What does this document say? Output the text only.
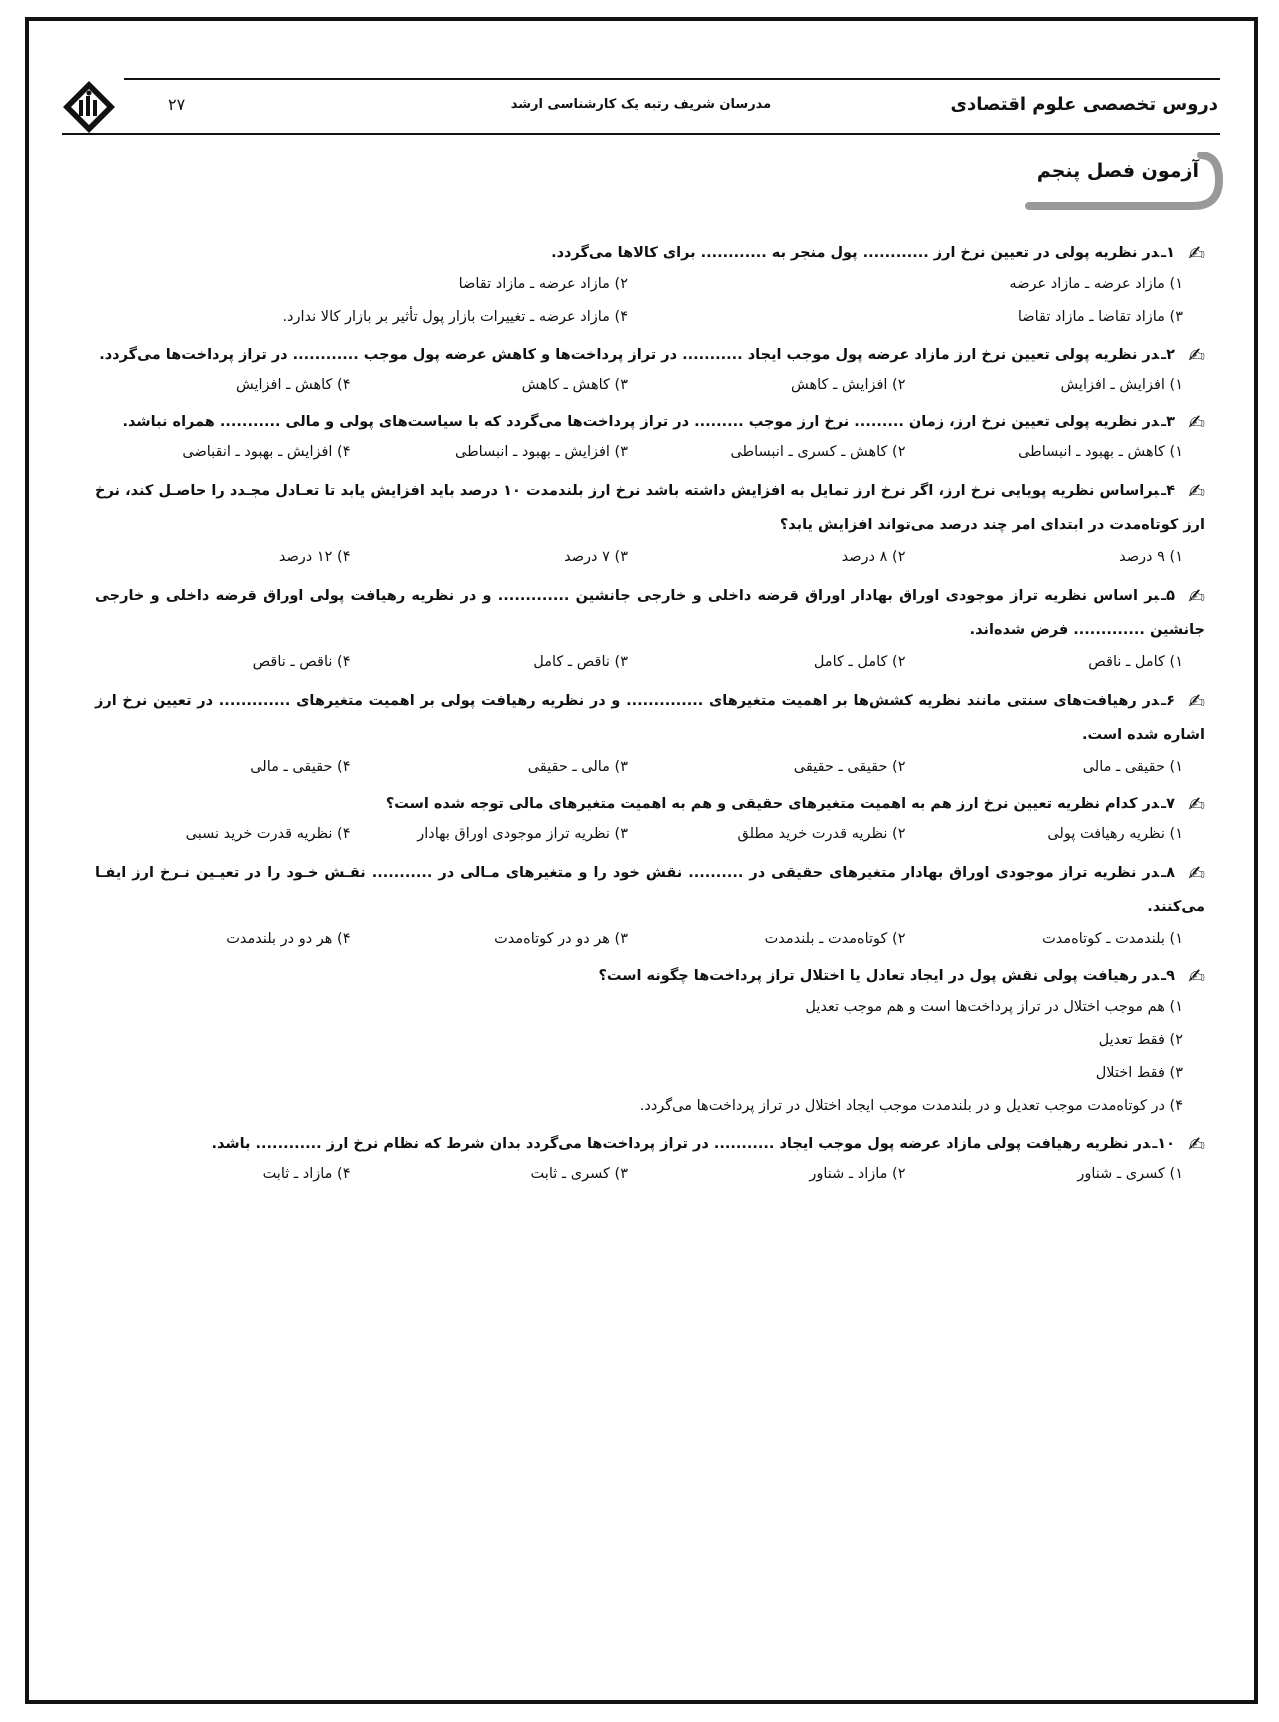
دروس تخصصی علوم اقتصادی
مدرسان شریف رتبه یک کارشناسی ارشد
۲۷
آزمون فصل پنجم
✍۱ـدر نظریه پولی در تعیین نرخ ارز ............ پول منجر به ............ برای کالاها می‌گردد.
۱) مازاد عرضه ـ مازاد عرضه
۲) مازاد عرضه ـ مازاد تقاضا
۳) مازاد تقاضا ـ مازاد تقاضا
۴) مازاد عرضه ـ تغییرات بازار پول تأثیر بر بازار کالا ندارد.
✍۲ـدر نظریه پولی تعیین نرخ ارز مازاد عرضه پول موجب ایجاد ........... در تراز پرداخت‌ها و کاهش عرضه پول موجب ............ در تراز پرداخت‌ها می‌گردد.
۱) افزایش ـ افزایش
۲) افزایش ـ کاهش
۳) کاهش ـ کاهش
۴) کاهش ـ افزایش
✍۳ـدر نظریه پولی تعیین نرخ ارز، زمان ......... نرخ ارز موجب ......... در تراز پرداخت‌ها می‌گردد که با سیاست‌های پولی و مالی ........... همراه نباشد.
۱) کاهش ـ بهبود ـ انبساطی
۲) کاهش ـ کسری ـ انبساطی
۳) افزایش ـ بهبود ـ انبساطی
۴) افزایش ـ بهبود ـ انقباضی
✍۴ـبراساس نظریه پویایی نرخ ارز، اگر نرخ ارز تمایل به افزایش داشته باشد نرخ ارز بلندمدت ۱۰ درصد باید افزایش یابد تا تعـادل مجـدد را حاصـل کند، نرخ ارز کوتاه‌مدت در ابتدای امر چند درصد می‌تواند افزایش یابد؟
۱) ۹ درصد
۲) ۸ درصد
۳) ۷ درصد
۴) ۱۲ درصد
✍۵ـبر اساس نظریه تراز موجودی اوراق بهادار اوراق قرضه داخلی و خارجی جانشین ............. و در نظریه رهیافت پولی اوراق قرضه داخلی و خارجی جانشین ............. فرض شده‌اند.
۱) کامل ـ ناقص
۲) کامل ـ کامل
۳) ناقص ـ کامل
۴) ناقص ـ ناقص
✍۶ـدر رهیافت‌های سنتی مانند نظریه کشش‌ها بر اهمیت متغیرهای .............. و در نظریه رهیافت پولی بر اهمیت متغیرهای ............. در تعیین نرخ ارز اشاره شده است.
۱) حقیقی ـ مالی
۲) حقیقی ـ حقیقی
۳) مالی ـ حقیقی
۴) حقیقی ـ مالی
✍۷ـدر کدام نظریه تعیین نرخ ارز هم به اهمیت متغیرهای حقیقی و هم به اهمیت متغیرهای مالی توجه شده است؟
۱) نظریه رهیافت پولی
۲) نظریه قدرت خرید مطلق
۳) نظریه تراز موجودی اوراق بهادار
۴) نظریه قدرت خرید نسبی
✍۸ـدر نظریه تراز موجودی اوراق بهادار متغیرهای حقیقی در .......... نقش خود را و متغیرهای مـالی در ........... نقـش خـود را در تعیـین نـرخ ارز ایفـا می‌کنند.
۱) بلندمدت ـ کوتاه‌مدت
۲) کوتاه‌مدت ـ بلندمدت
۳) هر دو در کوتاه‌مدت
۴) هر دو در بلندمدت
✍۹ـدر رهیافت پولی نقش پول در ایجاد تعادل یا اختلال تراز پرداخت‌ها چگونه است؟
۱) هم موجب اختلال در تراز پرداخت‌ها است و هم موجب تعدیل
۲) فقط تعدیل
۳) فقط اختلال
۴) در کوتاه‌مدت موجب تعدیل و در بلندمدت موجب ایجاد اختلال در تراز پرداخت‌ها می‌گردد.
✍۱۰ـدر نظریه رهیافت پولی مازاد عرضه پول موجب ایجاد ........... در تراز پرداخت‌ها می‌گردد بدان شرط که نظام نرخ ارز ............ باشد.
۱) کسری ـ شناور
۲) مازاد ـ شناور
۳) کسری ـ ثابت
۴) مازاد ـ ثابت
